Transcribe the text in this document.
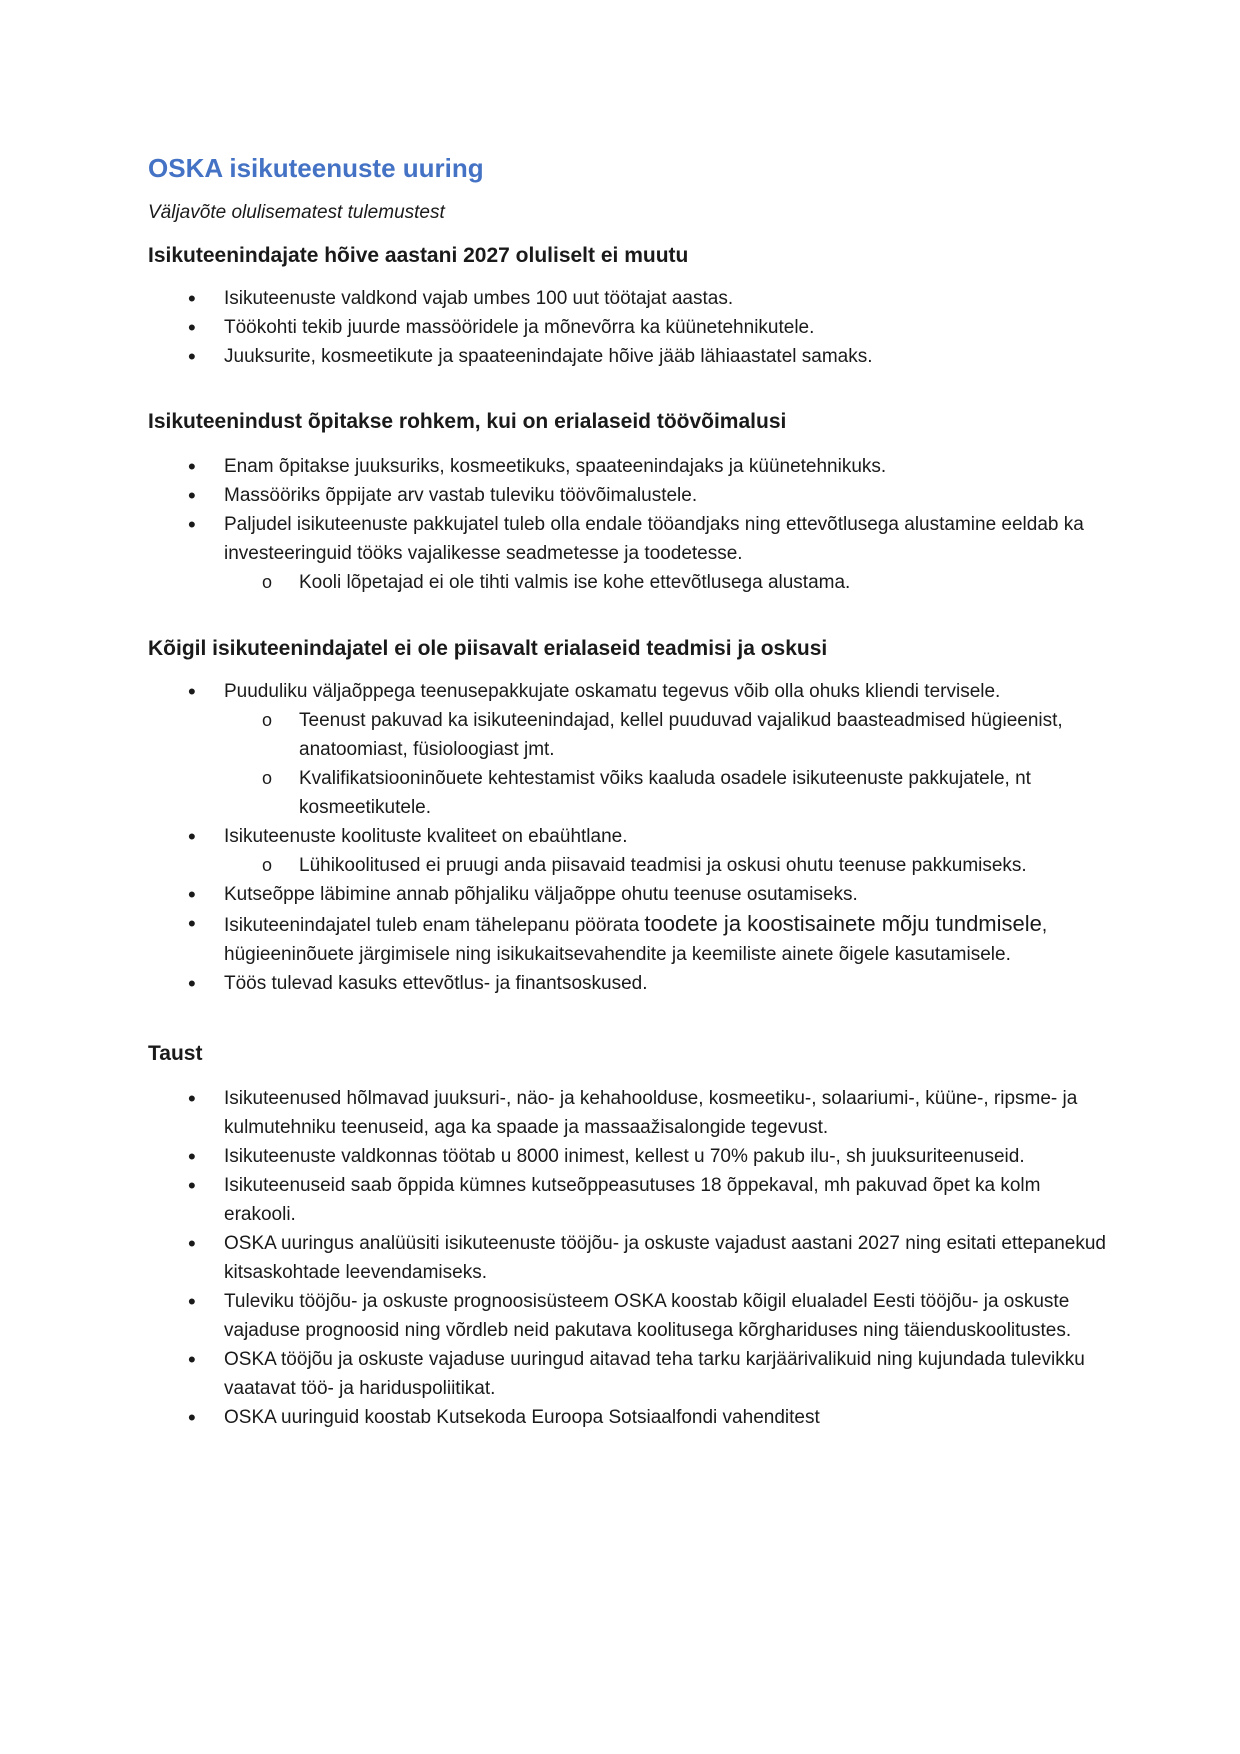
OSKA isikuteenuste uuring

Väljavõte olulisematest tulemustest

Isikuteenindajate hõive aastani 2027 oluliselt ei muutu
• Isikuteenuste valdkond vajab umbes 100 uut töötajat aastas.
• Töökohti tekib juurde massööridele ja mõnevõrra ka küünetehnikutele.
• Juuksurite, kosmeetikute ja spaateenindajate hõive jääb lähiaastatel samaks.
Isikuteenindust õpitakse rohkem, kui on erialaseid töövõimalusi
• Enam õpitakse juuksuriks, kosmeetikuks, spaateenindajaks ja küünetehnikuks.
• Massööriks õppijate arv vastab tuleviku töövõimalustele.
• Paljudel isikuteenuste pakkujatel tuleb olla endale tööandjaks ning ettevõtlusega alustamine eeldab ka investeeringuid tööks vajalikesse seadmetesse ja toodetesse.
o Kooli lõpetajad ei ole tihti valmis ise kohe ettevõtlusega alustama.
Kõigil isikuteenindajatel ei ole piisavalt erialaseid teadmisi ja oskusi
• Puuduliku väljaõppega teenusepakkujate oskamatu tegevus võib olla ohuks kliendi tervisele.
o Teenust pakuvad ka isikuteenindajad, kellel puuduvad vajalikud baasteadmised hügieenist, anatoomiast, füsioloogiast jmt.
o Kvalifikatsiooninõuete kehtestamist võiks kaaluda osadele isikuteenuste pakkujatele, nt kosmeetikutele.
• Isikuteenuste koolituste kvaliteet on ebaühtlane.
o Lühikoolitused ei pruugi anda piisavaid teadmisi ja oskusi ohutu teenuse pakkumiseks.
• Kutseõppe läbimine annab põhjaliku väljaõppe ohutu teenuse osutamiseks.
• Isikuteenindajatel tuleb enam tähelepanu pöörata toodete ja koostisainete mõju tundmisele, hügieeninõuete järgimisele ning isikukaitsevahendite ja keemiliste ainete õigele kasutamisele.
• Töös tulevad kasuks ettevõtlus- ja finantsoskused.
Taust
• Isikuteenused hõlmavad juuksuri-, näo- ja kehahoolduse, kosmeetiku-, solaariumi-, küüne-, ripsme- ja kulmutehniku teenuseid, aga ka spaade ja massaažisalongide tegevust.
• Isikuteenuste valdkonnas töötab u 8000 inimest, kellest u 70% pakub ilu-, sh juuksuriteenuseid.
• Isikuteenuseid saab õppida kümnes kutseõppeasutuses 18 õppekaval, mh pakuvad õpet ka kolm erakooli.
• OSKA uuringus analüüsiti isikuteenuste tööjõu- ja oskuste vajadust aastani 2027 ning esitati ettepanekud kitsaskohtade leevendamiseks.
• Tuleviku tööjõu- ja oskuste prognoosisüsteem OSKA koostab kõigil elualadel Eesti tööjõu- ja oskuste vajaduse prognoosid ning võrdleb neid pakutava koolitusega kõrghariduses ning täienduskoolitustes.
• OSKA tööjõu ja oskuste vajaduse uuringud aitavad teha tarku karjäärivalikuid ning kujundada tulevikku vaatavat töö- ja hariduspoliitikat.
• OSKA uuringuid koostab Kutsekoda Euroopa Sotsiaalfondi vahenditest
